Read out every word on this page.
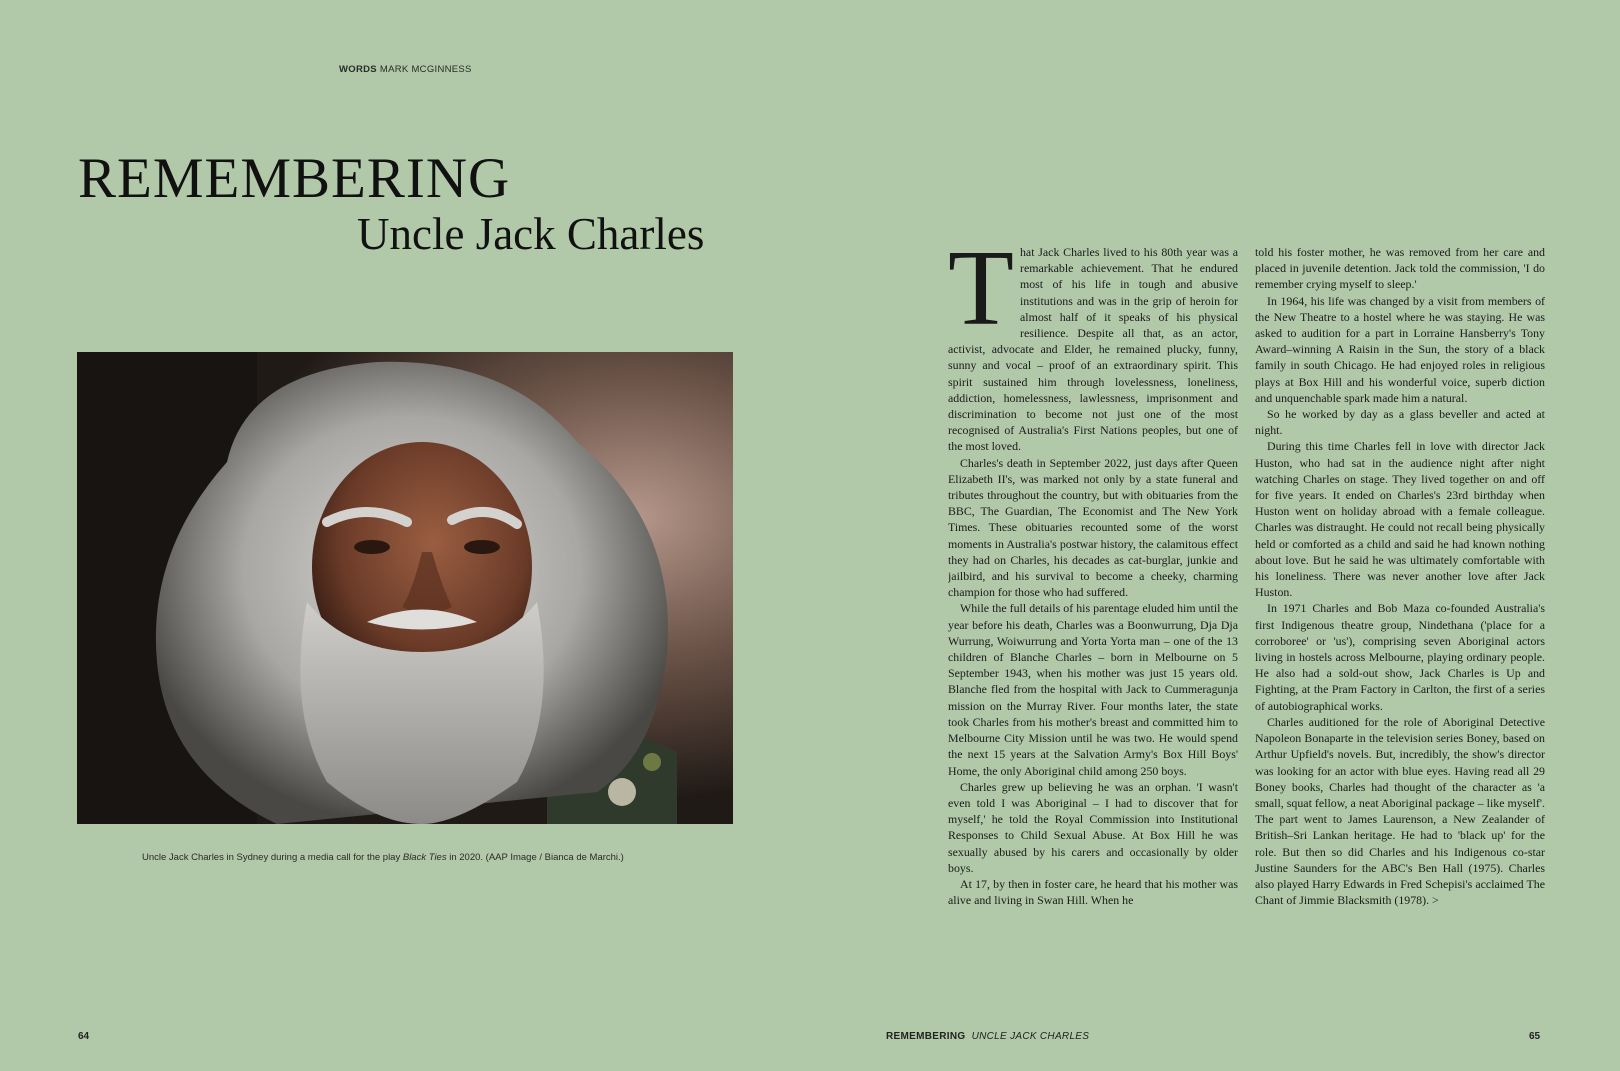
WORDS MARK MCGINNESS
REMEMBERING
Uncle Jack Charles
Uncle Jack Charles in Sydney during a media call for the play Black Ties in 2020. (AAP Image / Bianca de Marchi.)
T hat Jack Charles lived to his 80th year was a remarkable achievement. That he endured most of his life in tough and abusive institutions and was in the grip of heroin for almost half of it speaks of his physical resilience. Despite all that, as an actor, activist, advocate and Elder, he remained plucky, funny, sunny and vocal – proof of an extraordinary spirit. This spirit sustained him through lovelessness, loneliness, addiction, homelessness, lawlessness, imprisonment and discrimination to become not just one of the most recognised of Australia's First Nations peoples, but one of the most loved.

Charles's death in September 2022, just days after Queen Elizabeth II's, was marked not only by a state funeral and tributes throughout the country, but with obituaries from the BBC, The Guardian, The Economist and The New York Times. These obituaries recounted some of the worst moments in Australia's postwar history, the calamitous effect they had on Charles, his decades as cat-burglar, junkie and jailbird, and his survival to become a cheeky, charming champion for those who had suffered.

While the full details of his parentage eluded him until the year before his death, Charles was a Boonwurrung, Dja Dja Wurrung, Woiwurrung and Yorta Yorta man – one of the 13 children of Blanche Charles – born in Melbourne on 5 September 1943, when his mother was just 15 years old. Blanche fled from the hospital with Jack to Cummeragunja mission on the Murray River. Four months later, the state took Charles from his mother's breast and committed him to Melbourne City Mission until he was two. He would spend the next 15 years at the Salvation Army's Box Hill Boys' Home, the only Aboriginal child among 250 boys.

Charles grew up believing he was an orphan. 'I wasn't even told I was Aboriginal – I had to discover that for myself,' he told the Royal Commission into Institutional Responses to Child Sexual Abuse. At Box Hill he was sexually abused by his carers and occasionally by older boys.

At 17, by then in foster care, he heard that his mother was alive and living in Swan Hill. When he

told his foster mother, he was removed from her care and placed in juvenile detention. Jack told the commission, 'I do remember crying myself to sleep.'

In 1964, his life was changed by a visit from members of the New Theatre to a hostel where he was staying. He was asked to audition for a part in Lorraine Hansberry's Tony Award–winning A Raisin in the Sun, the story of a black family in south Chicago. He had enjoyed roles in religious plays at Box Hill and his wonderful voice, superb diction and unquenchable spark made him a natural.

So he worked by day as a glass beveller and acted at night.

During this time Charles fell in love with director Jack Huston, who had sat in the audience night after night watching Charles on stage. They lived together on and off for five years. It ended on Charles's 23rd birthday when Huston went on holiday abroad with a female colleague. Charles was distraught. He could not recall being physically held or comforted as a child and said he had known nothing about love. But he said he was ultimately comfortable with his loneliness. There was never another love after Jack Huston.

In 1971 Charles and Bob Maza co-founded Australia's first Indigenous theatre group, Nindethana ('place for a corroboree' or 'us'), comprising seven Aboriginal actors living in hostels across Melbourne, playing ordinary people. He also had a sold-out show, Jack Charles is Up and Fighting, at the Pram Factory in Carlton, the first of a series of autobiographical works.

Charles auditioned for the role of Aboriginal Detective Napoleon Bonaparte in the television series Boney, based on Arthur Upfield's novels. But, incredibly, the show's director was looking for an actor with blue eyes. Having read all 29 Boney books, Charles had thought of the character as 'a small, squat fellow, a neat Aboriginal package – like myself'. The part went to James Laurenson, a New Zealander of British–Sri Lankan heritage. He had to 'black up' for the role. But then so did Charles and his Indigenous co-star Justine Saunders for the ABC's Ben Hall (1975). Charles also played Harry Edwards in Fred Schepisi's acclaimed The Chant of Jimmie Blacksmith (1978). >

64	REMEMBERING UNCLE JACK CHARLES	65
